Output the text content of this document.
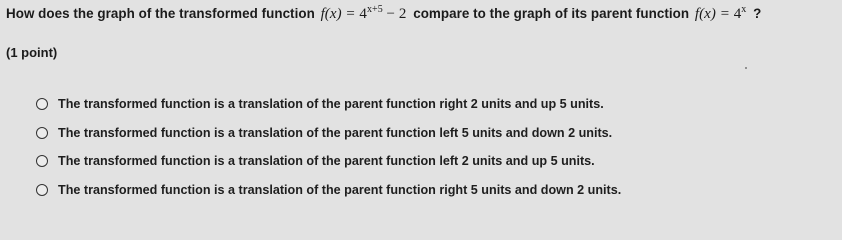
How does the graph of the transformed function $f(x) = 4^{x+5} - 2$ compare to the graph of its parent function $f(x) = 4^x$ ?
(1 point)
The transformed function is a translation of the parent function right 2 units and up 5 units.
The transformed function is a translation of the parent function left 5 units and down 2 units.
The transformed function is a translation of the parent function left 2 units and up 5 units.
The transformed function is a translation of the parent function right 5 units and down 2 units.
